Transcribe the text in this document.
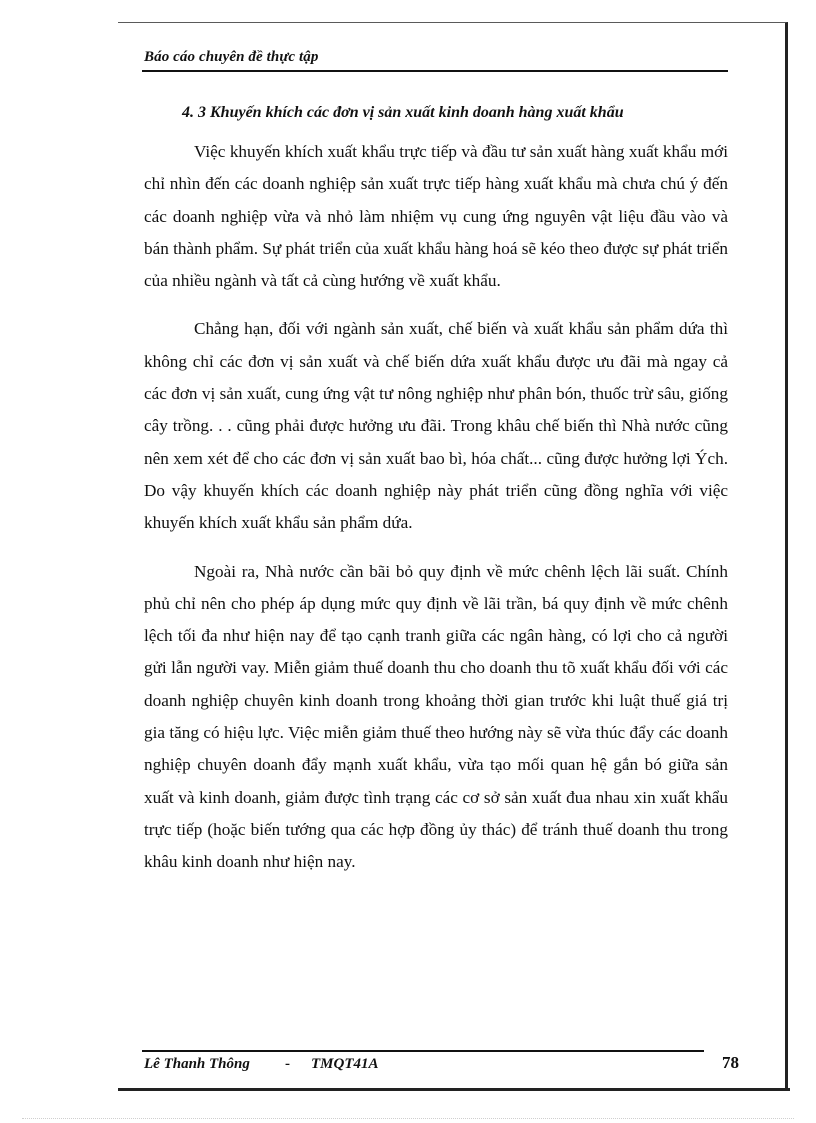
Báo cáo chuyên đề thực tập
4. 3 Khuyến khích các đơn vị sản xuất kinh doanh hàng xuất khẩu

Việc khuyến khích xuất khẩu trực tiếp và đầu tư sản xuất hàng xuất khẩu mới chỉ nhìn đến các doanh nghiệp sản xuất trực tiếp hàng xuất khẩu mà chưa chú ý đến các doanh nghiệp vừa và nhỏ làm nhiệm vụ cung ứng nguyên vật liệu đầu vào và bán thành phẩm. Sự phát triển của xuất khẩu hàng hoá sẽ kéo theo được sự phát triển của nhiều ngành và tất cả cùng hướng về xuất khẩu.

Chẳng hạn, đối với ngành sản xuất, chế biến và xuất khẩu sản phẩm dứa thì không chỉ các đơn vị sản xuất và chế biến dứa xuất khẩu được ưu đãi mà ngay cả các đơn vị sản xuất, cung ứng vật tư nông nghiệp như phân bón, thuốc trừ sâu, giống cây trồng. . . cũng phải được hưởng ưu đãi. Trong khâu chế biến thì Nhà nước cũng nên xem xét để cho các đơn vị sản xuất bao bì, hóa chất... cũng được hưởng lợi Ých. Do vậy khuyến khích các doanh nghiệp này phát triển cũng đồng nghĩa với việc khuyến khích xuất khẩu sản phẩm dứa.

Ngoài ra, Nhà nước cần bãi bỏ quy định về mức chênh lệch lãi suất. Chính phủ chỉ nên cho phép áp dụng mức quy định về lãi trần, bá quy định về mức chênh lệch tối đa như hiện nay để tạo cạnh tranh giữa các ngân hàng, có lợi cho cả người gửi lẫn người vay. Miễn giảm thuế doanh thu cho doanh thu tõ xuất khẩu đối với các doanh nghiệp chuyên kinh doanh trong khoảng thời gian trước khi luật thuế giá trị gia tăng có hiệu lực. Việc miễn giảm thuế theo hướng này sẽ vừa thúc đẩy các doanh nghiệp chuyên doanh đẩy mạnh xuất khẩu, vừa tạo mối quan hệ gắn bó giữa sản xuất và kinh doanh, giảm được tình trạng các cơ sở sản xuất đua nhau xin xuất khẩu trực tiếp (hoặc biến tướng qua các hợp đồng ủy thác) để tránh thuế doanh thu trong khâu kinh doanh như hiện nay.

Lê Thanh Thông - TMQT41A	78
